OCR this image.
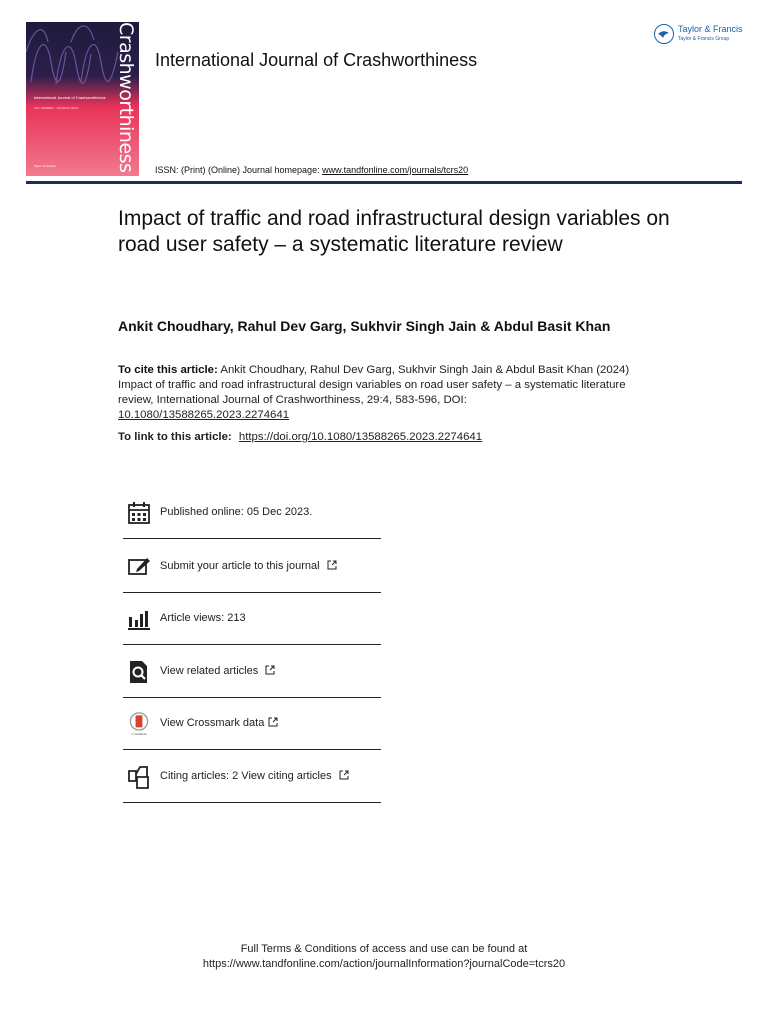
Crashworthiness
International Journal of Crashworthiness
VOL NUMBER · JOURNAL INFO
Taylor & Francis
International Journal of Crashworthiness
ISSN: (Print) (Online) Journal homepage: www.tandfonline.com/journals/tcrs20
Taylor & Francis
Taylor & Francis Group
Impact of traffic and road infrastructural design variables on road user safety – a systematic literature review
Ankit Choudhary, Rahul Dev Garg, Sukhvir Singh Jain & Abdul Basit Khan
To cite this article: Ankit Choudhary, Rahul Dev Garg, Sukhvir Singh Jain & Abdul Basit Khan (2024) Impact of traffic and road infrastructural design variables on road user safety – a systematic literature review, International Journal of Crashworthiness, 29:4, 583-596, DOI: 10.1080/13588265.2023.2274641
To link to this article: https://doi.org/10.1080/13588265.2023.2274641
Published online: 05 Dec 2023.
Submit your article to this journal
Article views: 213
View related articles
CrossMark
View Crossmark data
Citing articles: 2 View citing articles
Full Terms & Conditions of access and use can be found at
https://www.tandfonline.com/action/journalInformation?journalCode=tcrs20
